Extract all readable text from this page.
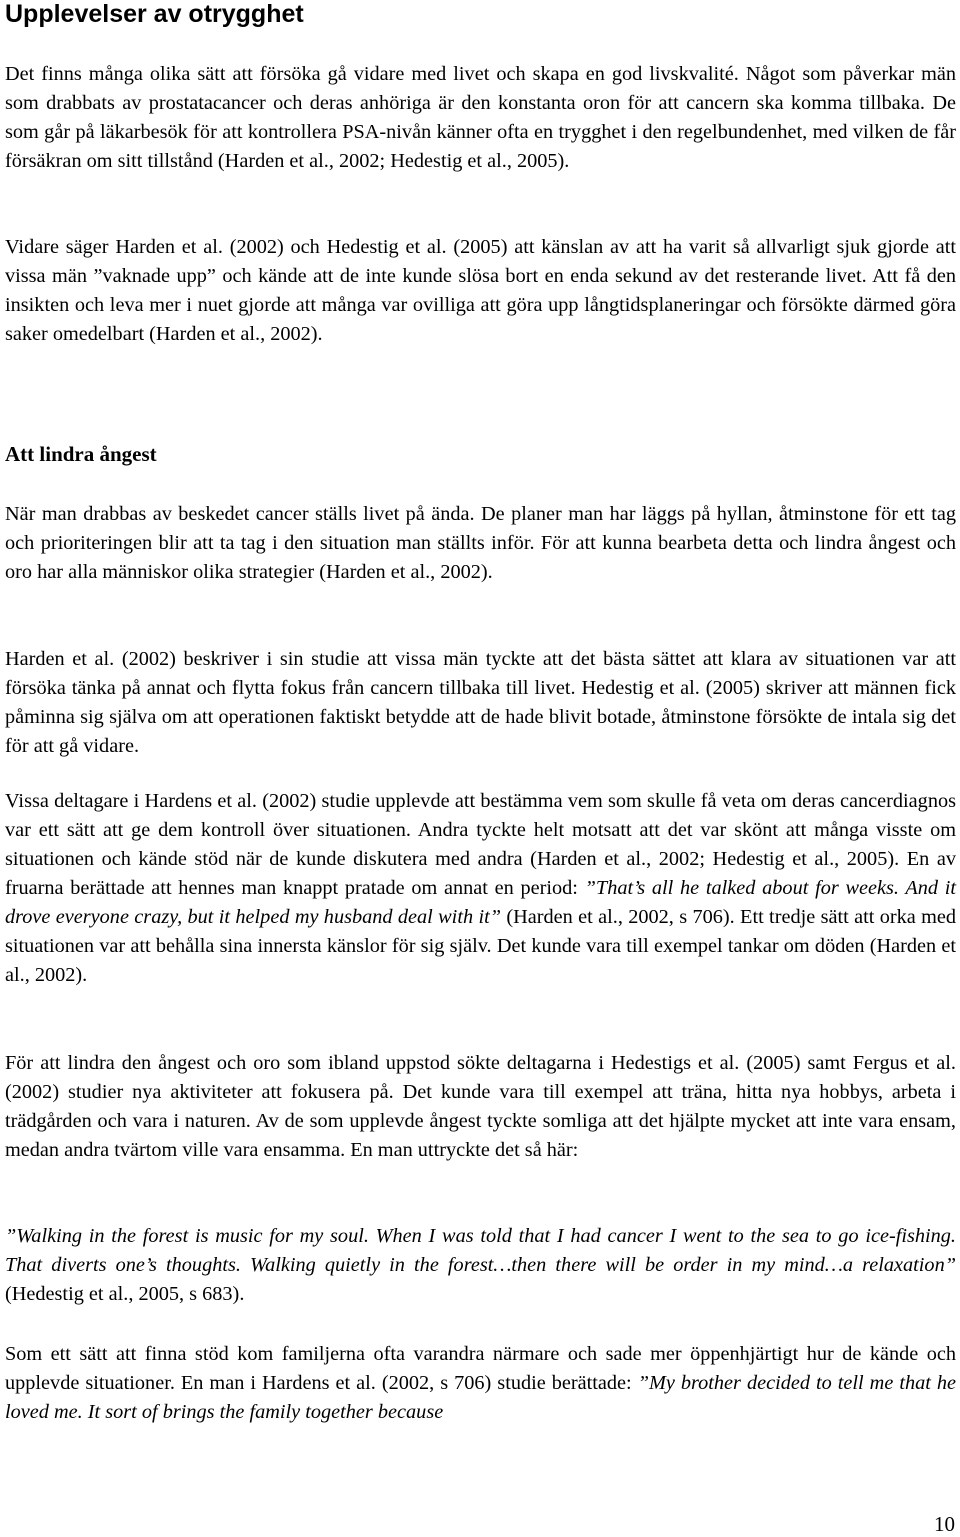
Upplevelser av otrygghet

Det finns många olika sätt att försöka gå vidare med livet och skapa en god livskvalité. Något som påverkar män som drabbats av prostatacancer och deras anhöriga är den konstanta oron för att cancern ska komma tillbaka. De som går på läkarbesök för att kontrollera PSA-nivån känner ofta en trygghet i den regelbundenhet, med vilken de får försäkran om sitt tillstånd (Harden et al., 2002; Hedestig et al., 2005).

Vidare säger Harden et al. (2002) och Hedestig et al. (2005) att känslan av att ha varit så allvarligt sjuk gjorde att vissa män ”vaknade upp” och kände att de inte kunde slösa bort en enda sekund av det resterande livet. Att få den insikten och leva mer i nuet gjorde att många var ovilliga att göra upp långtidsplaneringar och försökte därmed göra saker omedelbart (Harden et al., 2002).

Att lindra ångest

När man drabbas av beskedet cancer ställs livet på ända. De planer man har läggs på hyllan, åtminstone för ett tag och prioriteringen blir att ta tag i den situation man ställts inför. För att kunna bearbeta detta och lindra ångest och oro har alla människor olika strategier (Harden et al., 2002).

Harden et al. (2002) beskriver i sin studie att vissa män tyckte att det bästa sättet att klara av situationen var att försöka tänka på annat och flytta fokus från cancern tillbaka till livet. Hedestig et al. (2005) skriver att männen fick påminna sig själva om att operationen faktiskt betydde att de hade blivit botade, åtminstone försökte de intala sig det för att gå vidare.

Vissa deltagare i Hardens et al. (2002) studie upplevde att bestämma vem som skulle få veta om deras cancerdiagnos var ett sätt att ge dem kontroll över situationen. Andra tyckte helt motsatt att det var skönt att många visste om situationen och kände stöd när de kunde diskutera med andra (Harden et al., 2002; Hedestig et al., 2005). En av fruarna berättade att hennes man knappt pratade om annat en period: ”That’s all he talked about for weeks. And it drove everyone crazy, but it helped my husband deal with it” (Harden et al., 2002, s 706). Ett tredje sätt att orka med situationen var att behålla sina innersta känslor för sig själv. Det kunde vara till exempel tankar om döden (Harden et al., 2002).

För att lindra den ångest och oro som ibland uppstod sökte deltagarna i Hedestigs et al. (2005) samt Fergus et al. (2002) studier nya aktiviteter att fokusera på. Det kunde vara till exempel att träna, hitta nya hobbys, arbeta i trädgården och vara i naturen. Av de som upplevde ångest tyckte somliga att det hjälpte mycket att inte vara ensam, medan andra tvärtom ville vara ensamma. En man uttryckte det så här:

”Walking in the forest is music for my soul. When I was told that I had cancer I went to the sea to go ice-fishing. That diverts one’s thoughts. Walking quietly in the forest…then there will be order in my mind…a relaxation” (Hedestig et al., 2005, s 683).

Som ett sätt att finna stöd kom familjerna ofta varandra närmare och sade mer öppenhjärtigt hur de kände och upplevde situationer. En man i Hardens et al. (2002, s 706) studie berättade: ”My brother decided to tell me that he loved me. It sort of brings the family together because

10
